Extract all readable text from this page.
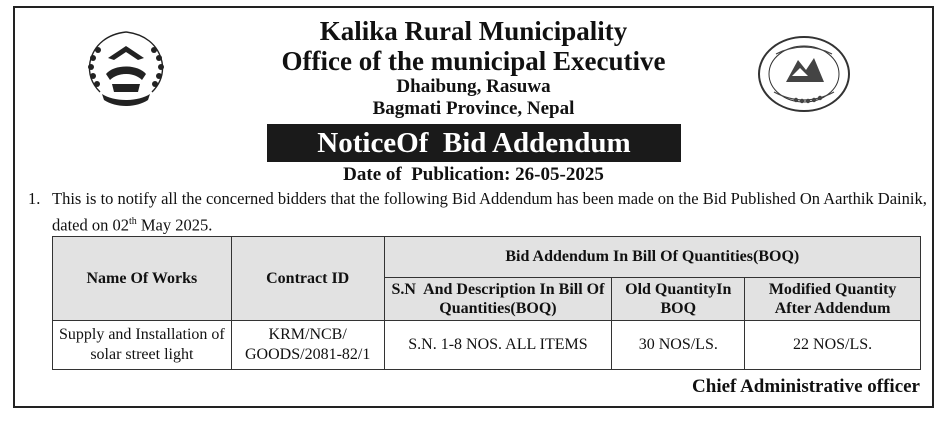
Kalika Rural Municipality
Office of the municipal Executive
Dhaibung, Rasuwa
Bagmati Province, Nepal
NoticeOf  Bid Addendum
Date of  Publication: 26-05-2025
1. This is to notify all the concerned bidders that the following Bid Addendum has been made on the Bid Published On Aarthik Dainik, dated on 02th May 2025.
Name Of Works	Contract ID	Bid Addendum In Bill Of Quantities(BOQ)		
		S.N  And Description In Bill Of Quantities(BOQ)	Old QuantityIn BOQ	Modified Quantity After Addendum
Supply and Installation of solar street light	KRM/NCB/ GOODS/2081-82/1	S.N. 1-8 NOS. ALL ITEMS	30 NOS/LS.	22 NOS/LS.
Chief Administrative officer
